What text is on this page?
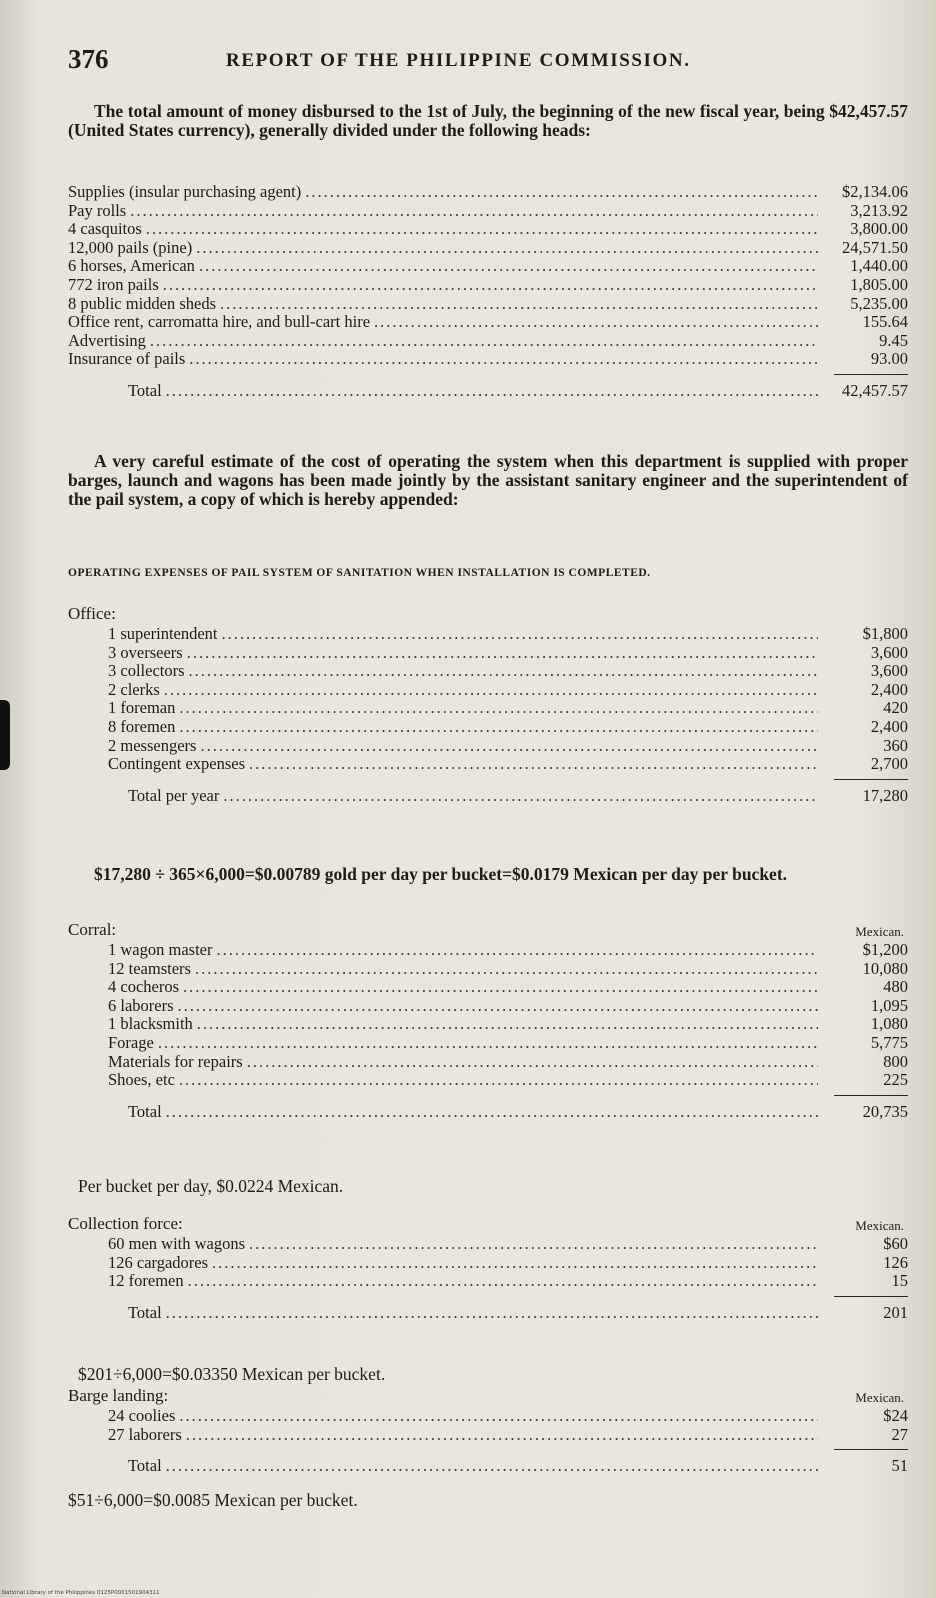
376	REPORT OF THE PHILIPPINE COMMISSION.

The total amount of money disbursed to the 1st of July, the beginning of the new fiscal year, being $42,457.57 (United States currency), generally divided under the following heads:

Supplies (insular purchasing agent) .....	$2,134.06
Pay rolls .....	3,213.92
4 casquitos .....	3,800.00
12,000 pails (pine) .....	24,571.50
6 horses, American .....	1,440.00
772 iron pails .....	1,805.00
8 public midden sheds .....	5,235.00
Office rent, carromatta hire, and bull-cart hire .....	155.64
Advertising .....	9.45
Insurance of pails .....	93.00
Total .....	42,457.57

A very careful estimate of the cost of operating the system when this department is supplied with proper barges, launch and wagons has been made jointly by the assistant sanitary engineer and the superintendent of the pail system, a copy of which is hereby appended:

OPERATING EXPENSES OF PAIL SYSTEM OF SANITATION WHEN INSTALLATION IS COMPLETED.
Office:
1 superintendent .....	$1,800
3 overseers .....	3,600
3 collectors .....	3,600
2 clerks .....	2,400
1 foreman .....	420
8 foremen .....	2,400
2 messengers .....	360
Contingent expenses .....	2,700
Total per year .....	17,280

$17,280 ÷ 365×6,000=$0.00789 gold per day per bucket=$0.0179 Mexican per day per bucket.

Corral:	Mexican.
1 wagon master .....	$1,200
12 teamsters .....	10,080
4 cocheros .....	480
6 laborers .....	1,095
1 blacksmith .....	1,080
Forage .....	5,775
Materials for repairs .....	800
Shoes, etc .....	225
Total .....	20,735

Per bucket per day, $0.0224 Mexican.

Collection force:	Mexican.
60 men with wagons .....	$60
126 cargadores .....	126
12 foremen .....	15
Total .....	201

$201÷6,000=$0.03350 Mexican per bucket.

Barge landing:	Mexican.
24 coolies .....	$24
27 laborers .....	27
Total .....	51

$51÷6,000=$0.0085 Mexican per bucket.

National Library of the Philippines 0125P0001501904311
